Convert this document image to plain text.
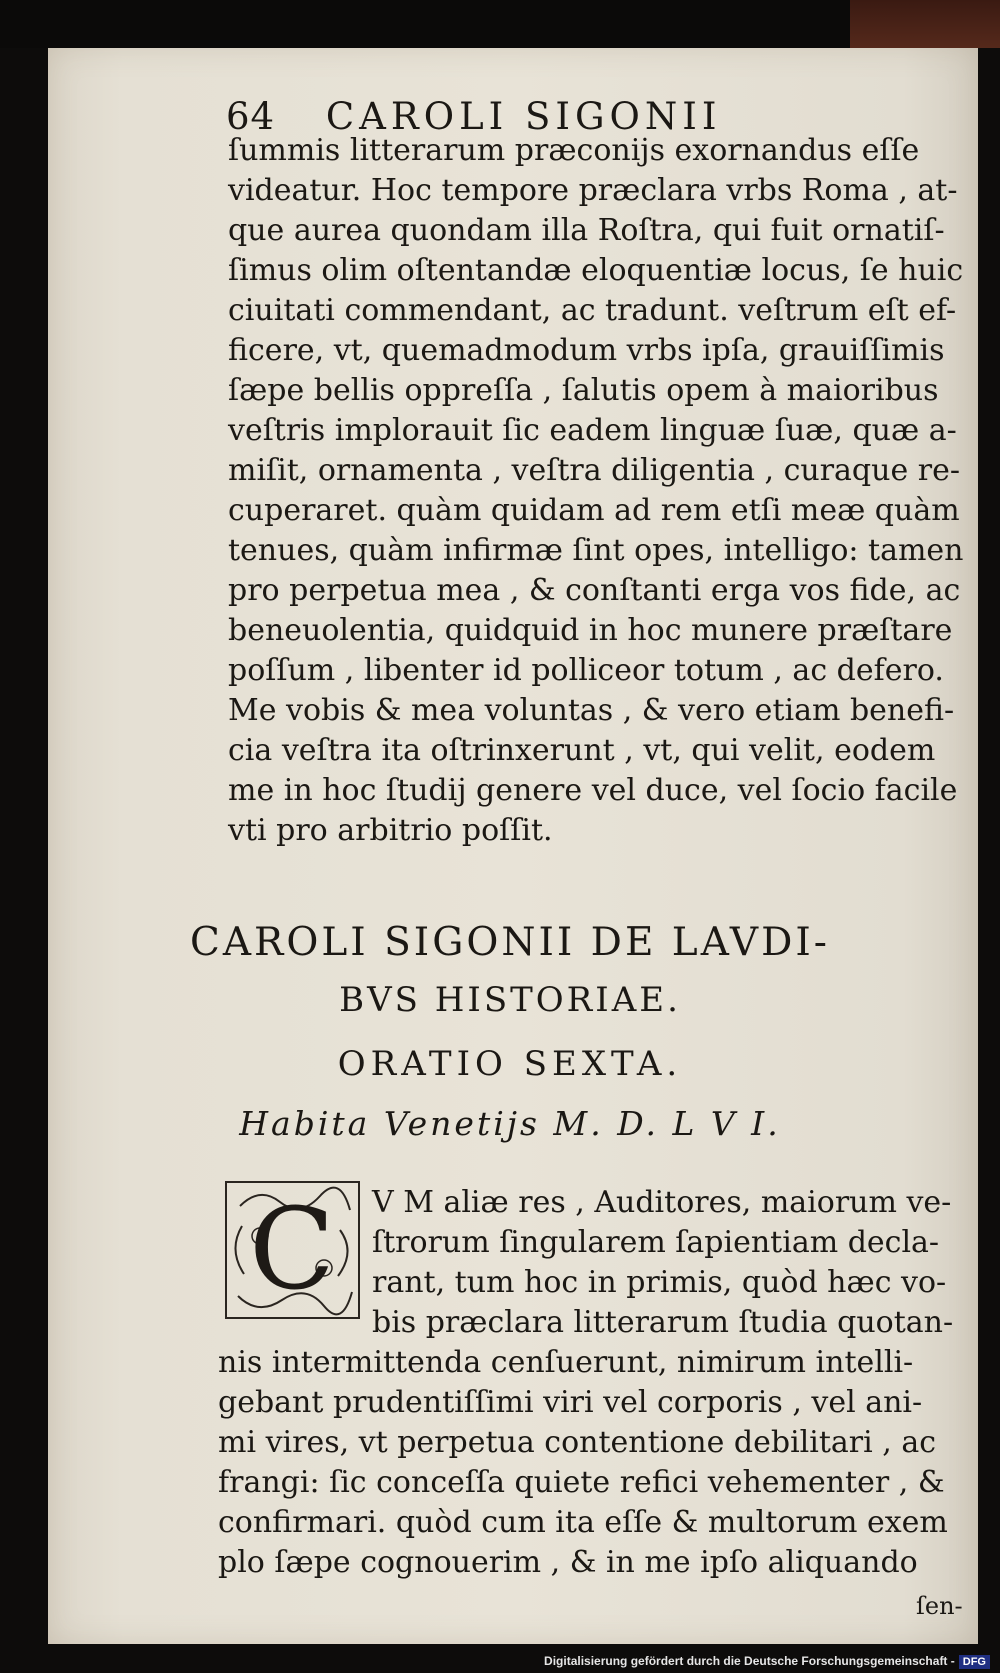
64 CAROLI SIGONII
ſummis litterarum præconijs exornandus eſſe
videatur. Hoc tempore præclara vrbs Roma , at-
que aurea quondam illa Roſtra, qui fuit ornatiſ-
ſimus olim oſtentandæ eloquentiæ locus, ſe huic
ciuitati commendant, ac tradunt. veſtrum eſt ef-
ficere, vt, quemadmodum vrbs ipſa, grauiſſimis
ſæpe bellis oppreſſa , ſalutis opem à maioribus
veſtris implorauit ſic eadem linguæ ſuæ, quæ a-
miſit, ornamenta , veſtra diligentia , curaque re-
cuperaret. quàm quidam ad rem etſi meæ quàm
tenues, quàm infirmæ ſint opes, intelligo: tamen
pro perpetua mea , & conſtanti erga vos fide, ac
beneuolentia, quidquid in hoc munere præſtare
poſſum , libenter id polliceor totum , ac defero.
Me vobis & mea voluntas , & vero etiam benefi-
cia veſtra ita oſtrinxerunt , vt, qui velit, eodem
me in hoc ſtudij genere vel duce, vel ſocio facile
vti pro arbitrio poſſit.
CAROLI SIGONII DE LAVDI-
BVS HISTORIAE.
ORATIO SEXTA.
Habita Venetijs M. D. L V I.
C V M aliæ res , Auditores, maiorum ve-
ſtrorum ſingularem ſapientiam declа-
rant, tum hoc in primis, quòd hæc vo-
bis præclara litterarum ſtudia quotan-
nis intermittenda cenſuerunt, nimirum intelli-
gebant prudentiſſimi viri vel corporis , vel ani-
mi vires, vt perpetua contentione debilitari , ac
frangi: ſic conceſſa quiete refici vehementer , &
confirmari. quòd cum ita eſſe & multorum exem
plo ſæpe cognouerim , & in me ipſo aliquando
ſen-
Digitalisierung gefördert durch die Deutsche Forschungsgemeinschaft - DFG
